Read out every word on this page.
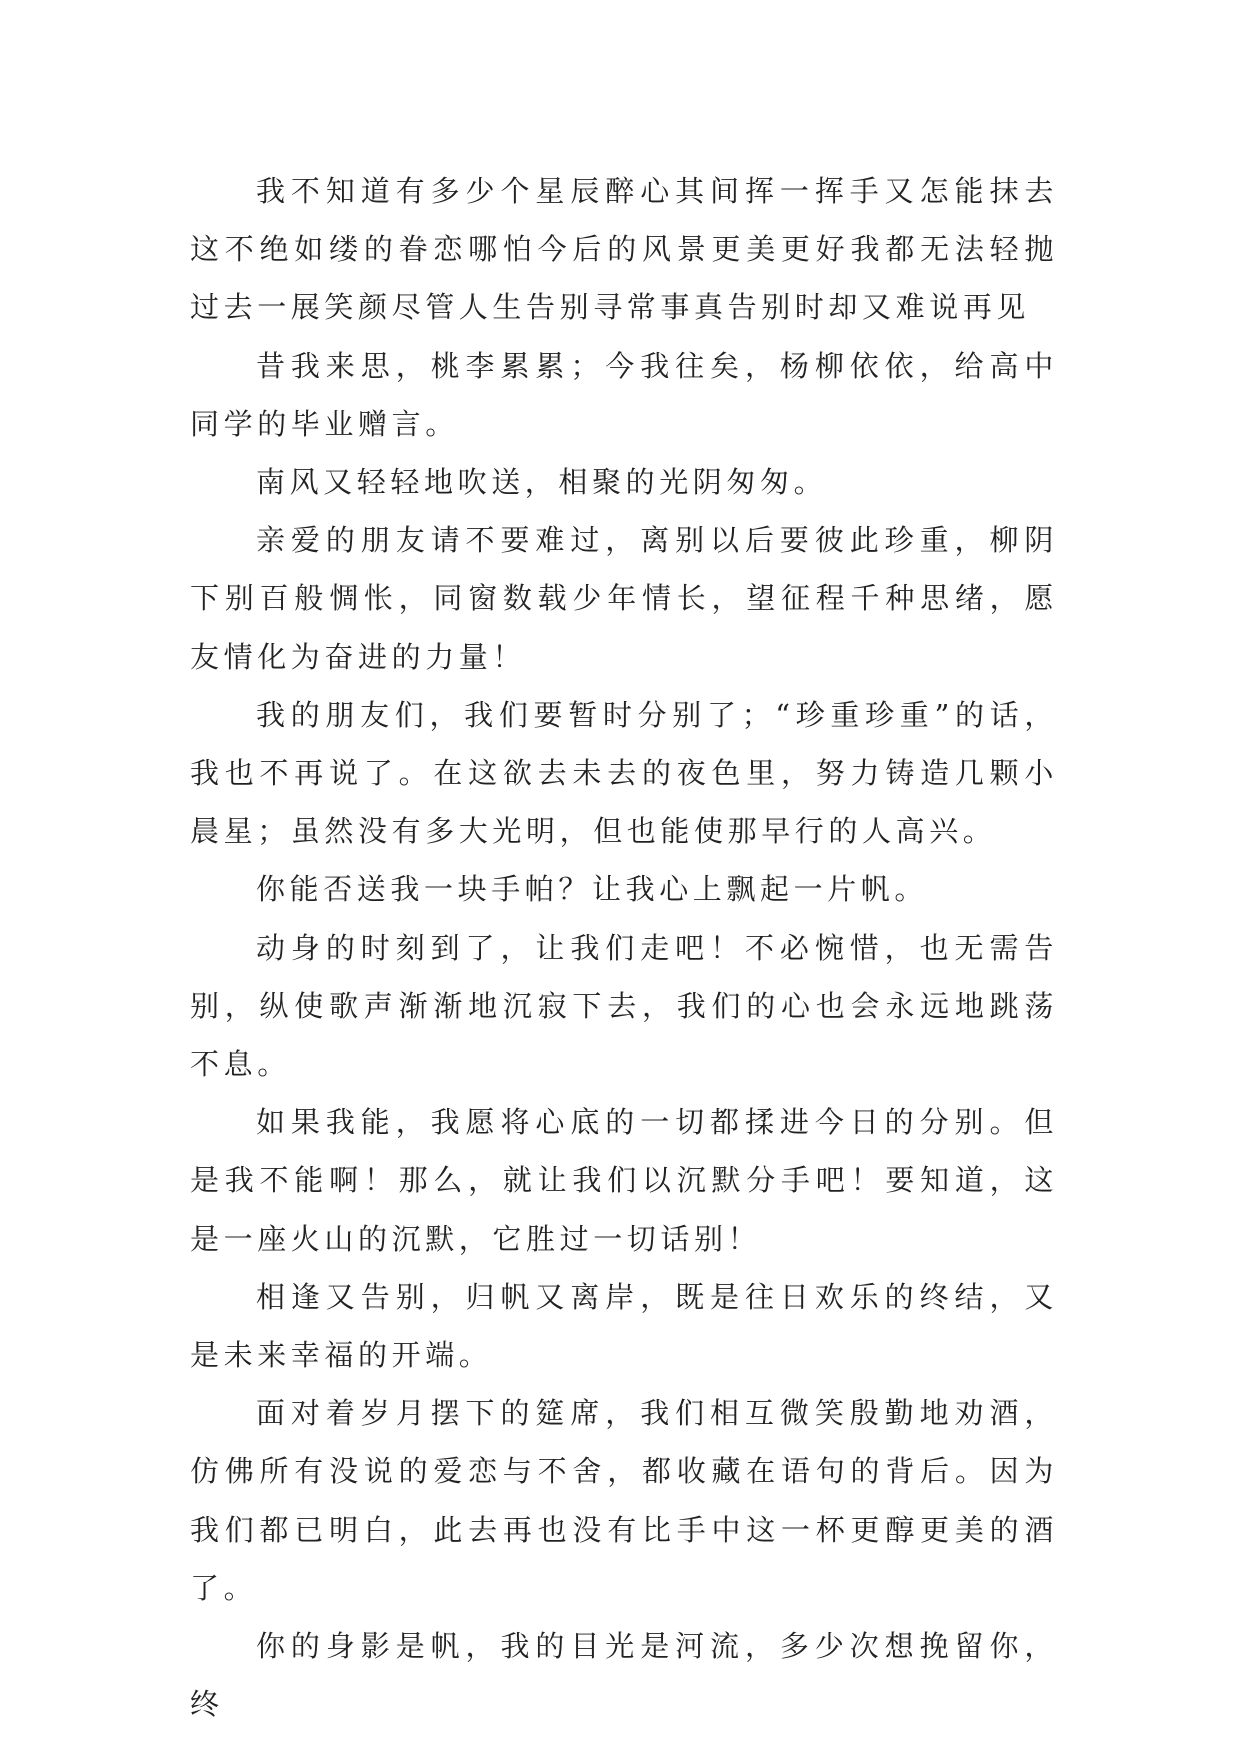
我不知道有多少个星辰醉心其间挥一挥手又怎能抹去这不绝如缕的眷恋哪怕今后的风景更美更好我都无法轻抛过去一展笑颜尽管人生告别寻常事真告别时却又难说再见

昔我来思，桃李累累；今我往矣，杨柳依依，给高中同学的毕业赠言。

南风又轻轻地吹送，相聚的光阴匆匆。

亲爱的朋友请不要难过，离别以后要彼此珍重，柳阴下别百般惆怅，同窗数载少年情长，望征程千种思绪，愿友情化为奋进的力量！

我的朋友们，我们要暂时分别了；“珍重珍重”的话，我也不再说了。在这欲去未去的夜色里，努力铸造几颗小晨星；虽然没有多大光明，但也能使那早行的人高兴。

你能否送我一块手帕？让我心上飘起一片帆。

动身的时刻到了，让我们走吧！不必惋惜，也无需告别，纵使歌声渐渐地沉寂下去，我们的心也会永远地跳荡不息。

如果我能，我愿将心底的一切都揉进今日的分别。但是我不能啊！那么，就让我们以沉默分手吧！要知道，这是一座火山的沉默，它胜过一切话别！

相逢又告别，归帆又离岸，既是往日欢乐的终结，又是未来幸福的开端。

面对着岁月摆下的筵席，我们相互微笑殷勤地劝酒，仿佛所有没说的爱恋与不舍，都收藏在语句的背后。因为我们都已明白，此去再也没有比手中这一杯更醇更美的酒了。

你的身影是帆，我的目光是河流，多少次想挽留你，终
